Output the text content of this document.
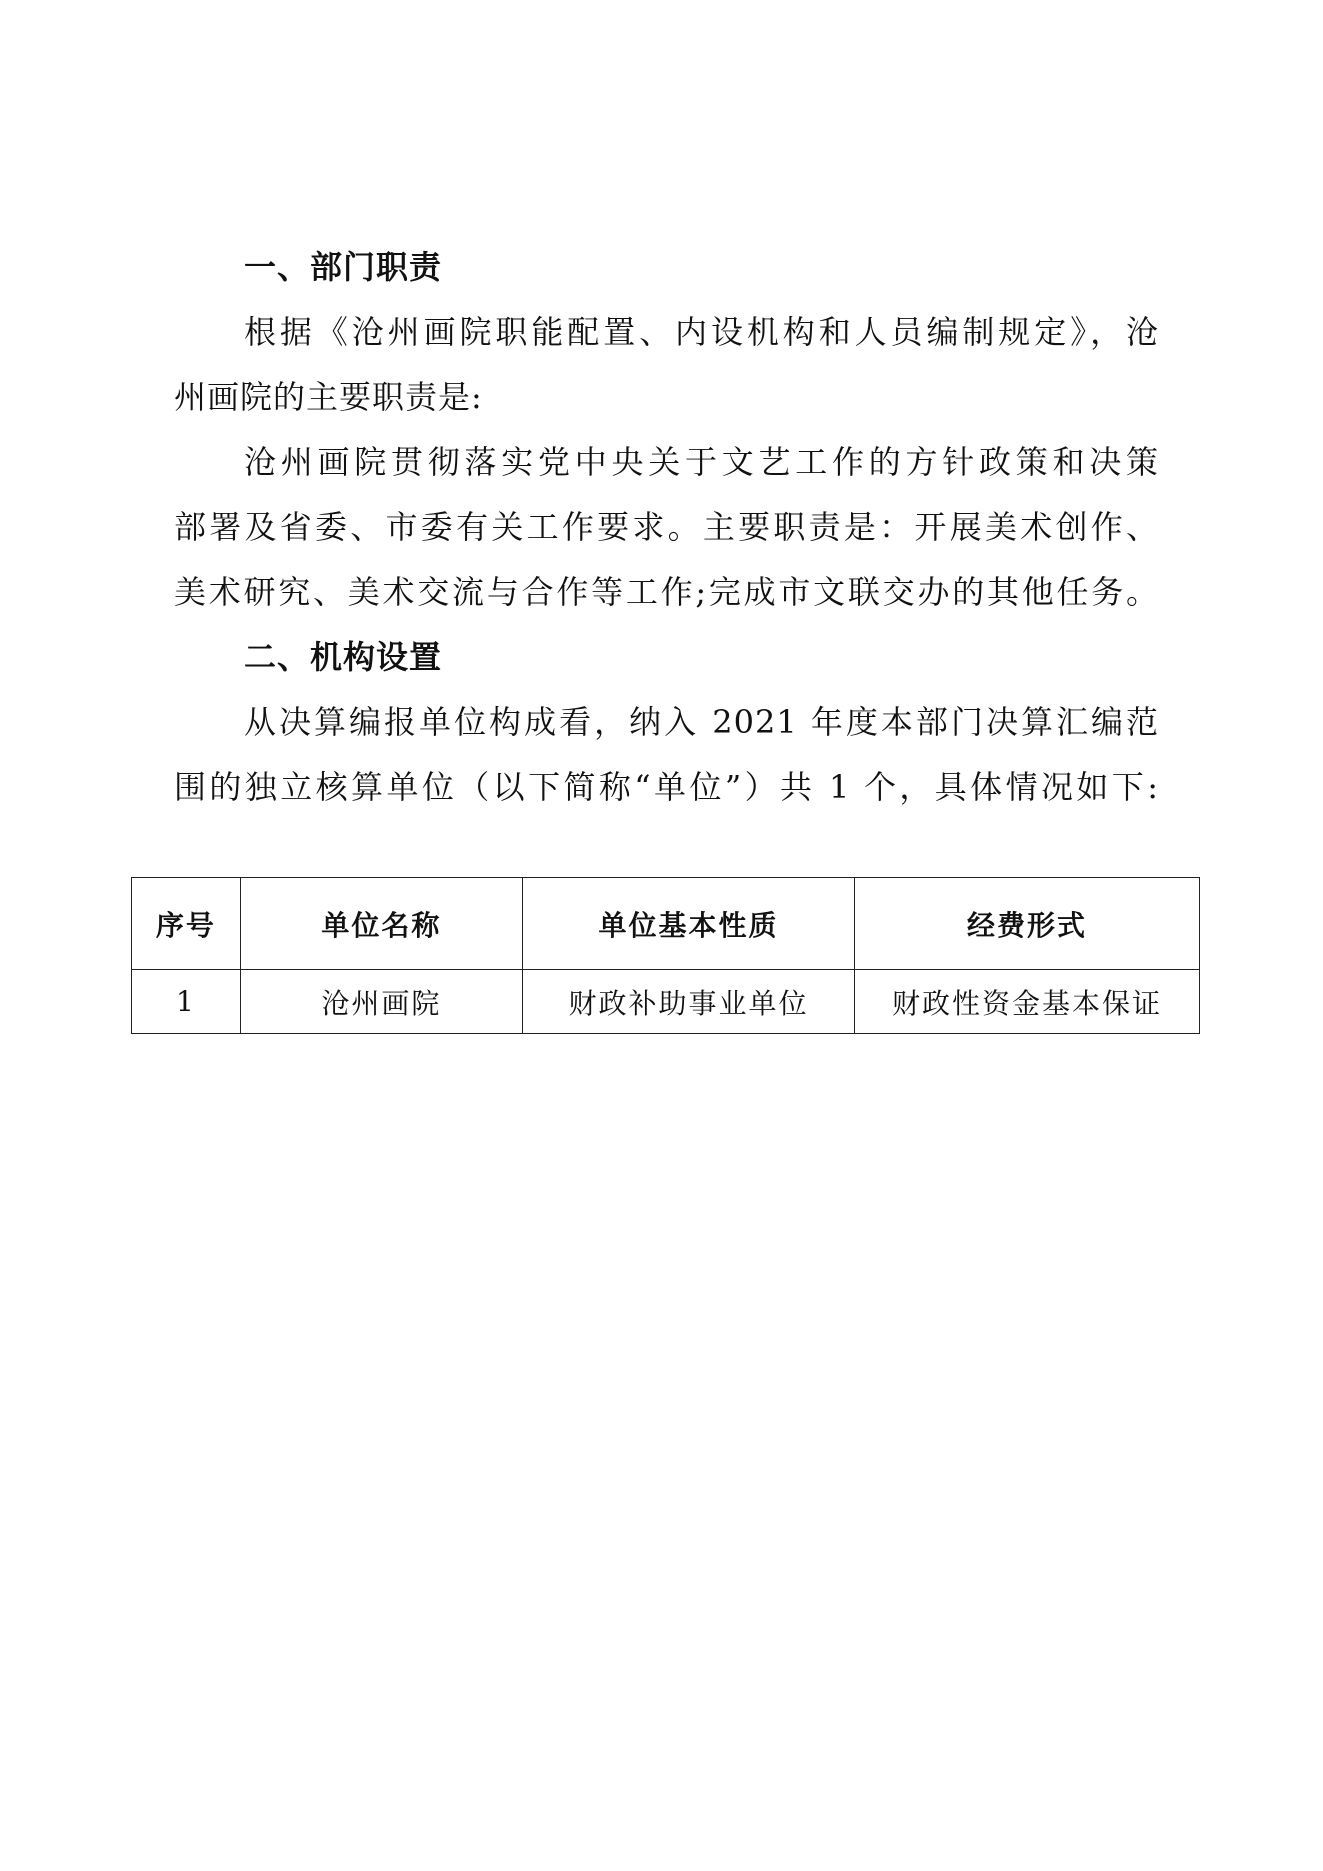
一、部门职责
根据《沧州画院职能配置、内设机构和人员编制规定》，沧
州画院的主要职责是:
沧州画院贯彻落实党中央关于文艺工作的方针政策和决策
部署及省委、市委有关工作要求。主要职责是：开展美术创作、
美术研究、美术交流与合作等工作;完成市文联交办的其他任务。
二、机构设置
从决算编报单位构成看，纳入 2021 年度本部门决算汇编范
围的独立核算单位（以下简称“单位”）共 1 个，具体情况如下:
序号	单位名称	单位基本性质	经费形式
1	沧州画院	财政补助事业单位	财政性资金基本保证
